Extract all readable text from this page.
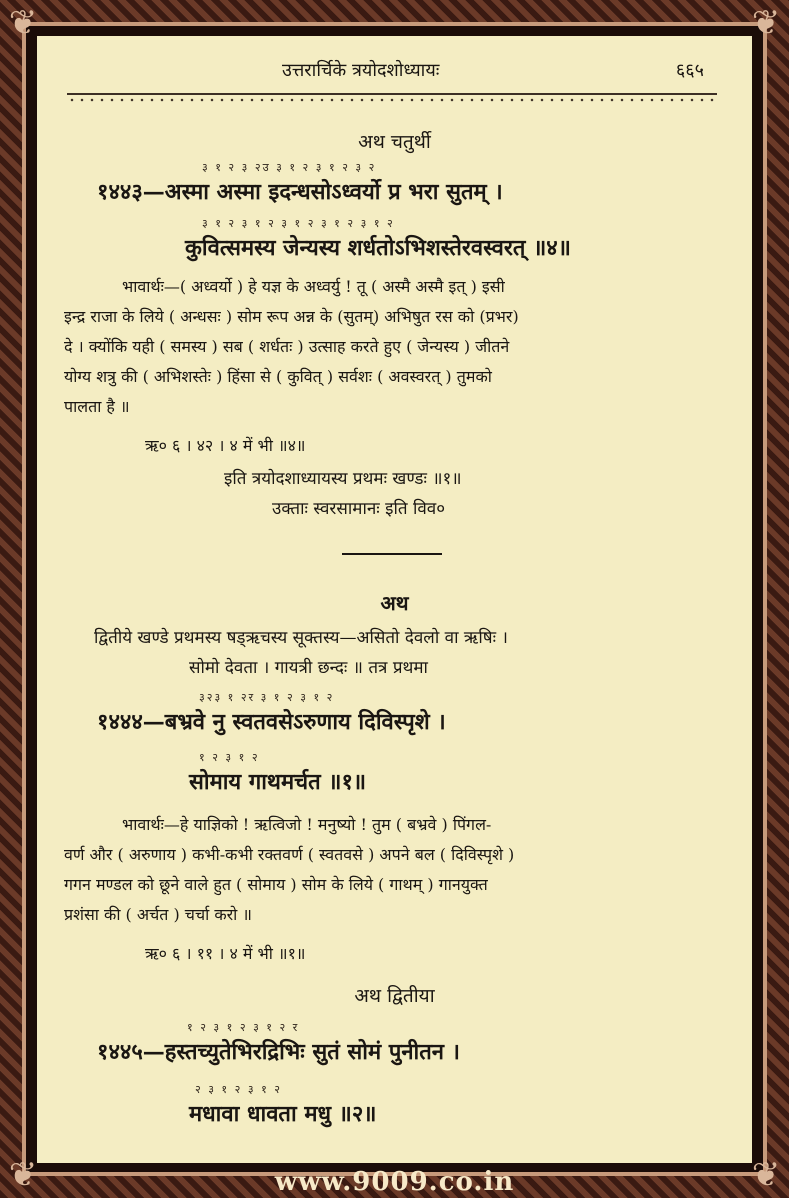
❦	❦
❦	❦
उत्तरार्चिके त्रयोदशोध्यायः	६६५
अथ चतुर्थी
३ १ २ ३ २उ ३ १ २ ३ १ २ ३ २
१४४३—अस्मा अस्मा इदन्धसोऽध्वर्यो प्र भरा सुतम् ।
३ १ २ ३ १ २ ३ १ २ ३ १ २ ३ १ २
कुवित्समस्य जेन्यस्य शर्धतोऽभिशस्तेरवस्वरत् ॥४॥
भावार्थः—( अध्वर्यो ) हे यज्ञ के अध्वर्यु ! तू ( अस्मै अस्मै इत् ) इसी
इन्द्र राजा के लिये ( अन्धसः ) सोम रूप अन्न के (सुतम्) अभिषुत रस को (प्रभर)
दे । क्योंकि यही ( समस्य ) सब ( शर्धतः ) उत्साह करते हुए ( जेन्यस्य ) जीतने
योग्य शत्रु की ( अभिशस्तेः ) हिंसा से ( कुवित् ) सर्वशः ( अवस्वरत् ) तुमको
पालता है ॥
ऋ० ६ । ४२ । ४ में भी ॥४॥
इति त्रयोदशाध्यायस्य प्रथमः खण्डः ॥१॥
उक्ताः स्वरसामानः इति विव०
अथ
द्वितीये खण्डे प्रथमस्य षड्ऋचस्य सूक्तस्य—असितो देवलो वा ऋषिः ।
सोमो देवता । गायत्री छन्दः ॥ तत्र प्रथमा
३२३ १ २र ३ १ २ ३ १ २
१४४४—बभ्रवे नु स्वतवसेऽरुणाय दिविस्पृशे ।
१ २ ३ १ २
सोमाय गाथमर्चत ॥१॥
भावार्थः—हे याज्ञिको ! ऋत्विजो ! मनुष्यो ! तुम ( बभ्रवे ) पिंगल-
वर्ण और ( अरुणाय ) कभी-कभी रक्तवर्ण ( स्वतवसे ) अपने बल ( दिविस्पृशे )
गगन मण्डल को छूने वाले हुत ( सोमाय ) सोम के लिये ( गाथम् ) गानयुक्त
प्रशंसा की ( अर्चत ) चर्चा करो ॥
ऋ० ६ । ११ । ४ में भी ॥१॥
अथ द्वितीया
१ २ ३ १ २ ३ १ २ र
१४४५—हस्तच्युतेभिरद्रिभिः सुतं सोमं पुनीतन ।
२ ३ १ २ ३ १ २
मधावा धावता मधु ॥२॥
www.9009.co.in
